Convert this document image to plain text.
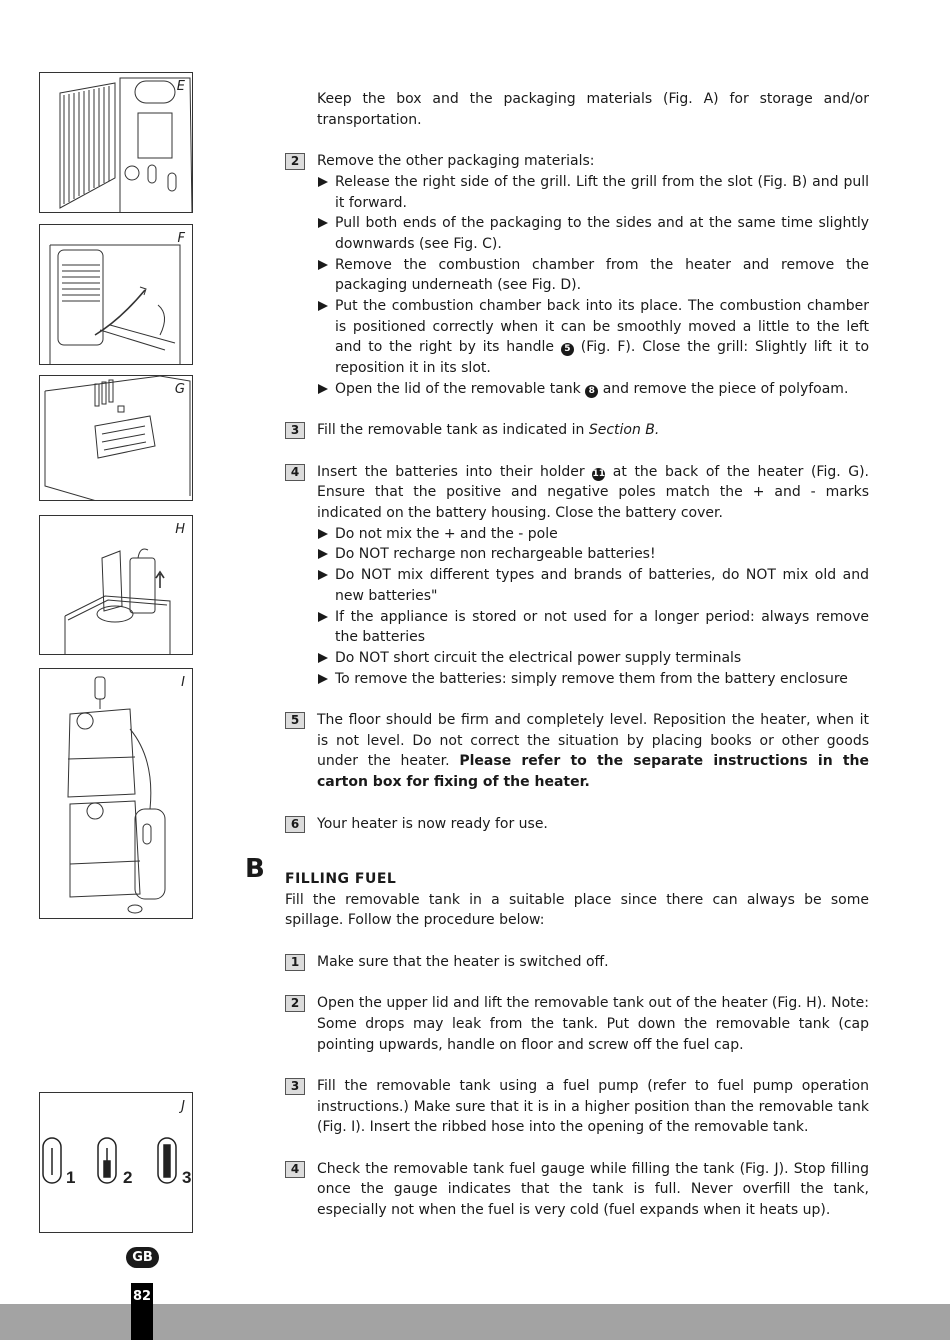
E
F
G
H
I
1	2	3
J
Keep the box and the packaging materials (Fig. A) for storage and/or transportation.
2	Remove the other packaging materials:
Release the right side of the grill. Lift the grill from the slot (Fig. B) and pull it forward.
Pull both ends of the packaging to the sides and at the same time slightly downwards (see Fig. C).
Remove the combustion chamber from the heater and remove the packaging underneath (see Fig. D).
Put the combustion chamber back into its place. The combustion chamber is positioned correctly when it can be smoothly moved a little to the left and to the right by its handle 5 (Fig. F). Close the grill: Slightly lift it to reposition it in its slot.
Open the lid of the removable tank 8 and remove the piece of polyfoam.
3	Fill the removable tank as indicated in Section B.
4	Insert the batteries into their holder 11 at the back of the heater (Fig. G). Ensure that the positive and negative poles match the + and - marks indicated on the battery housing. Close the battery cover.
Do not mix the + and the - pole
Do NOT recharge non rechargeable batteries!
Do NOT mix different types and brands of batteries, do NOT mix old and new batteries"
If the appliance is stored or not used for a longer period: always remove the batteries
Do NOT short circuit the electrical power supply terminals
To remove the batteries: simply remove them from the battery enclosure
5	The floor should be firm and completely level. Reposition the heater, when it is not level. Do not correct the situation by placing books or other goods under the heater. Please refer to the separate instructions in the carton box for fixing of the heater.
6	Your heater is now ready for use.
B FILLING FUEL
Fill the removable tank in a suitable place since there can always be some spillage. Follow the procedure below:
1	Make sure that the heater is switched off.
2	Open the upper lid and lift the removable tank out of the heater (Fig. H). Note: Some drops may leak from the tank. Put down the removable tank (cap pointing upwards, handle on floor and screw off the fuel cap.
3	Fill the removable tank using a fuel pump (refer to fuel pump operation instructions.) Make sure that it is in a higher position than the removable tank (Fig. I). Insert the ribbed hose into the opening of the removable tank.
4	Check the removable tank fuel gauge while filling the tank (Fig. J). Stop filling once the gauge indicates that the tank is full. Never overfill the tank, especially not when the fuel is very cold (fuel expands when it heats up).
GB
82
